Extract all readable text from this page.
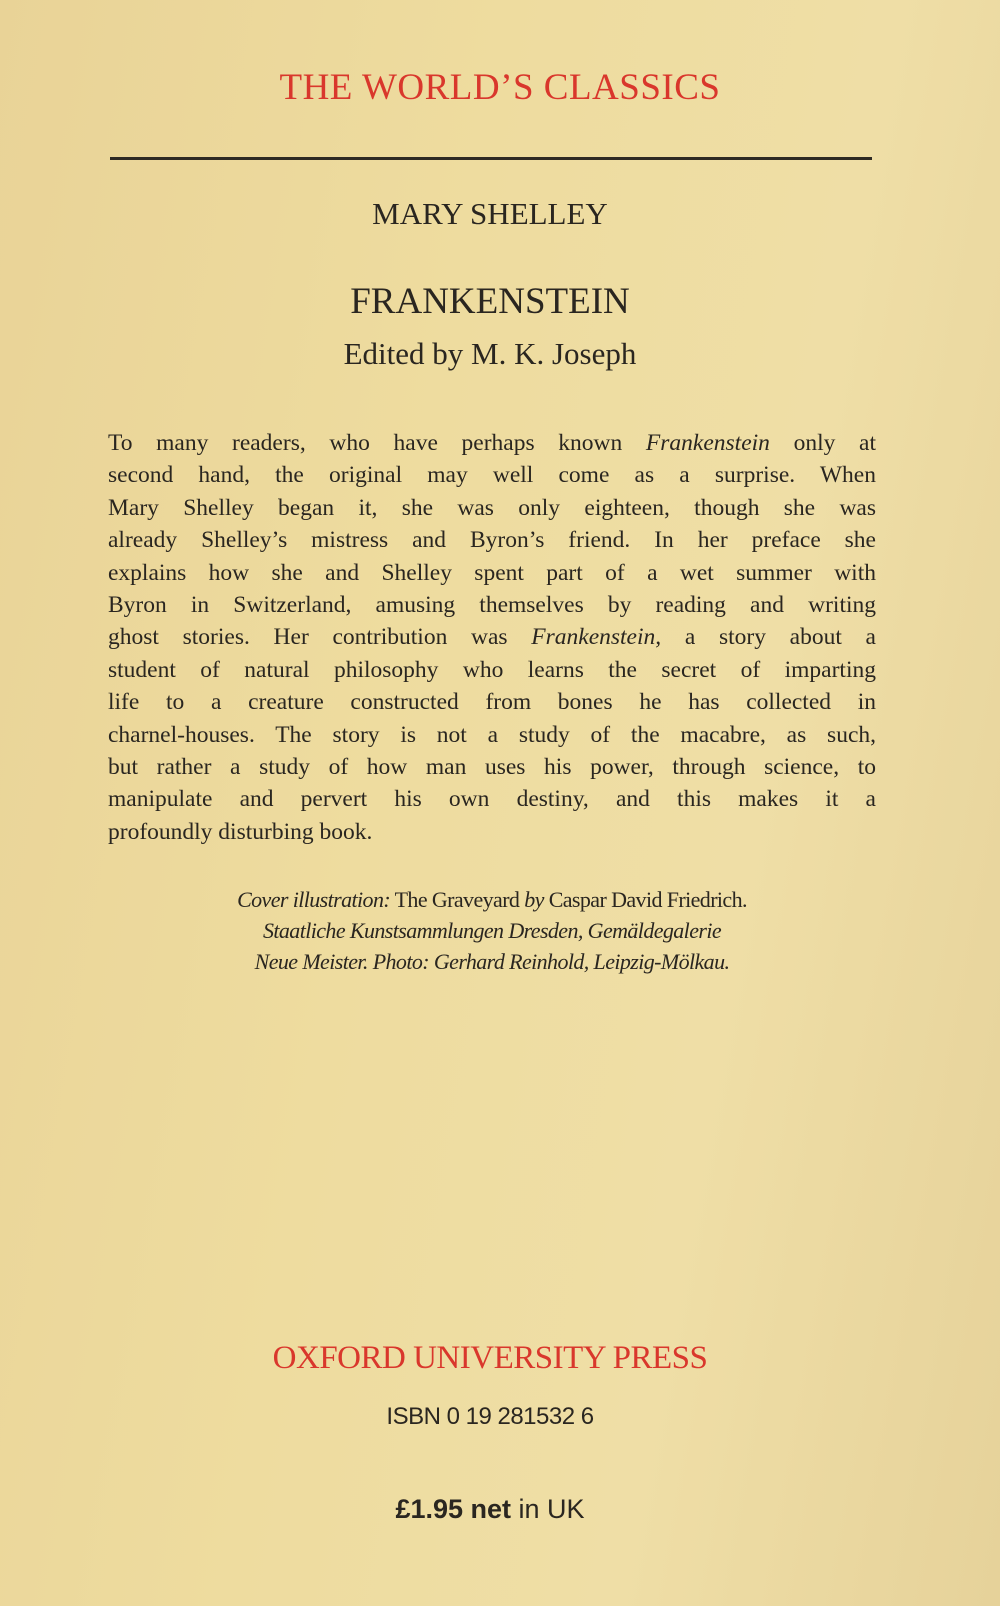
THE WORLD’S CLASSICS
MARY SHELLEY
FRANKENSTEIN
Edited by M. K. Joseph
To many readers, who have perhaps known Frankenstein only at
second hand, the original may well come as a surprise. When
Mary Shelley began it, she was only eighteen, though she was
already Shelley’s mistress and Byron’s friend. In her preface she
explains how she and Shelley spent part of a wet summer with
Byron in Switzerland, amusing themselves by reading and writing
ghost stories. Her contribution was Frankenstein, a story about a
student of natural philosophy who learns the secret of imparting
life to a creature constructed from bones he has collected in
charnel-houses. The story is not a study of the macabre, as such,
but rather a study of how man uses his power, through science, to
manipulate and pervert his own destiny, and this makes it a
profoundly disturbing book.
Cover illustration: The Graveyard by Caspar David Friedrich.
Staatliche Kunstsammlungen Dresden, Gemäldegalerie
Neue Meister. Photo: Gerhard Reinhold, Leipzig-Mölkau.
OXFORD UNIVERSITY PRESS
ISBN 0 19 281532 6
£1.95 net in UK
